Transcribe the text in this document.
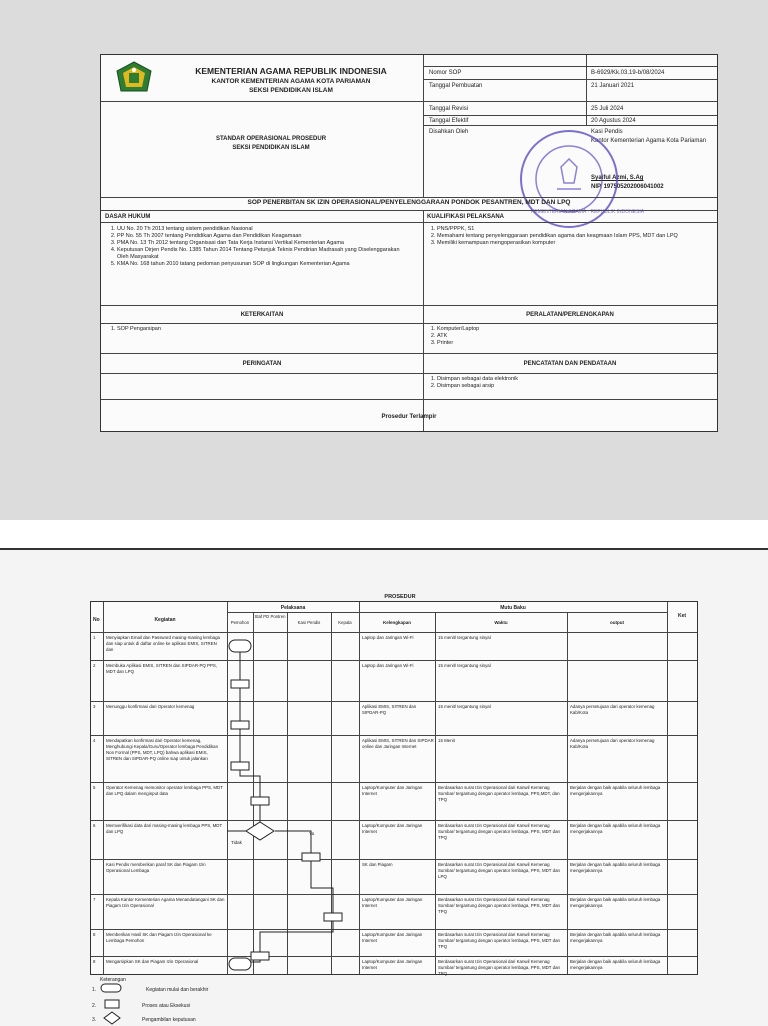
KEMENTERIAN AGAMA REPUBLIK INDONESIA
KANTOR KEMENTERIAN AGAMA KOTA PARIAMAN
SEKSI PENDIDIKAN ISLAM
STANDAR OPERASIONAL PROSEDUR
SEKSI PENDIDIKAN ISLAM
Nomor SOP	B-6929/Kk.03.19-b/08/2024
Tanggal Pembuatan	21 Januari 2021
Tanggal Revisi	25 Juli 2024
Tanggal Efektif	20 Agustus 2024
Disahkan Oleh	Kasi Pendis
Kantor Kementerian Agama Kota Pariaman
Syaiful Azmi, S.Ag
NIP. 197505202006041002
KEMENTERIAN AGAMA · REPUBLIK INDONESIA
SOP PENERBITAN SK IZIN OPERASIONAL/PENYELENGGARAAN PONDOK PESANTREN, MDT DAN LPQ
DASAR HUKUM	KUALIFIKASI PELAKSANA
1. UU No. 20 Th 2013 tentang sistem pendidikan Nasional
2. PP No. 55 Th 2007 tentang Pendidikan Agama dan Pendidikan Keagamaan
3. PMA No. 13 Th 2012 tentang Organisasi dan Tata Kerja Instansi Vertikal Kementerian Agama
4. Keputusan Dirjen Pendis No. 1385 Tahun 2014 Tentang Petunjuk Teknis Pendirian Madrasah yang Diselenggarakan Oleh Masyarakat
5. KMA No. 168 tahun 2010 tatang pedoman penyusunan SOP di lingkungan Kementerian Agama
1. PNS/PPPK, S1
2. Memahami tentang penyelenggaraan pendidikan agama dan keagmaan Islam PPS, MDT dan LPQ
3. Memiliki kemampuan mengoperasikan komputer
KETERKAITAN	PERALATAN/PERLENGKAPAN
1. SOP Pengarsipan
1.	Komputer/Laptop
2. ATK
3. Printer
PERINGATAN	PENCATATAN DAN PENDATAAN
1. Disimpan sebagai data elektronik
2. Disimpan sebagai arsip
Prosedur Terlampir
PROSEDUR
No	Kegiatan
Pelaksana	Mutu Baku
Ket
Pemohon
Staf PD Pontren
Kasi Pendis	Kepala	Kelengkapan	Waktu	output
1	Menyiapkan Email dan Password masing-masing lembaga dan siap untuk di daftar online ke aplikasi EMIS, SITREN dan
Laptop dan Jaringan Wi-Fi	15 menit/ tergantung sinyal
2	Membuka Aplikasi EMIS, SITREN dan SIPDAR-PQ PPS, MDT dan LPQ
Laptop dan Jaringan Wi-Fi	15 menit/ tergantung sinyal
3	Menunggu konfirmasi dari Operator kemenag	Aplikasi EMIS, SITREN dan SIPDAR-PQ
15 menit/ tergantung sinyal	Adanya persetujuan dari operator kemenag Kab/Kota
4	Mendapatkan konfirmasi dari Operator kemenag, Menghubungi Kepala/Guru/Operator lembaga Pendidikan Non Formal (PPS, MDT, LPQ) bahwa aplikasi EMIS, SITREN dan SIPDAR-PQ online siap untuk jalankan
Aplikasi EMIS, SITREN dan SIPDAR online dan Jaringan Internet
15 Menit	Adanya persetujuan dari operator kemenag Kab/Kota
5	Operator Kemenag memonitor operator lembaga PPS, MDT dan LPQ dalam menginput data
Laptop/Komputer dan Jaringan Internet
Berdasarkan surat Izin Operasional dari Kanwil Kemenag Sumbar/ tergantung dengan operator lembaga, PPS,MDT, dan TPQ
Berjalan dengan baik apabila seluruh lembaga mengerjakannya
6	Memverifikasi data dari masing-masing lembaga PPS, MDT dan LPQ
Laptop/Komputer dan Jaringan Internet
Berdasarkan surat Izin Operasional dari Kanwil Kemenag Sumbar/ tergantung dengan operator lembaga, PPS, MDT dan TPQ
Berjalan dengan baik apabila seluruh lembaga mengerjakannya
Kasi Pendis memberikan paraf SK dan Piagam Izin Operasional Lembaga
SK dan Piagam	Berdasarkan surat Izin Operasional dari Kanwil Kemenag Sumbar/ tergantung dengan operator lembaga, PPS, MDT dan LPQ
Berjalan dengan baik apabila seluruh lembaga mengerjakannya
7	Kepala Kantor Kementerian Agama Menandatangani SK dan Piagam Izin Operasional
Laptop/Komputer dan Jaringan Internet
Berdasarkan surat Izin Operasional dari Kanwil Kemenag Sumbar/ tergantung dengan operator lembaga, PPS, MDT dan TPQ
Berjalan dengan baik apabila seluruh lembaga mengerjakannya
8	Memberikan Hasil SK dan Piagam Izin Operasional ke Lembaga Pemohon
Laptop/Komputer dan Jaringan Internet
Berdasarkan surat Izin Operasional dari Kanwil Kemenag Sumbar/ tergantung dengan operator lembaga, PPS, MDT dan TPQ
Berjalan dengan baik apabila seluruh lembaga mengerjakannya
8	Mengarsipkan SK dan Piagam Izin Operasional	Laptop/Komputer dan Jaringan Internet
Berdasarkan surat Izin Operasional dari Kanwil Kemenag Sumbar/ tergantung dengan operator lembaga, PPS, MDT dan TPQ
Berjalan dengan baik apabila seluruh lembaga mengerjakannya
Tidak
Ya
Keterangan
1.	Kegiatan mulai dan berakhir
2.	Proses atau Eksekusi
3.	Pengambilan keputusan
